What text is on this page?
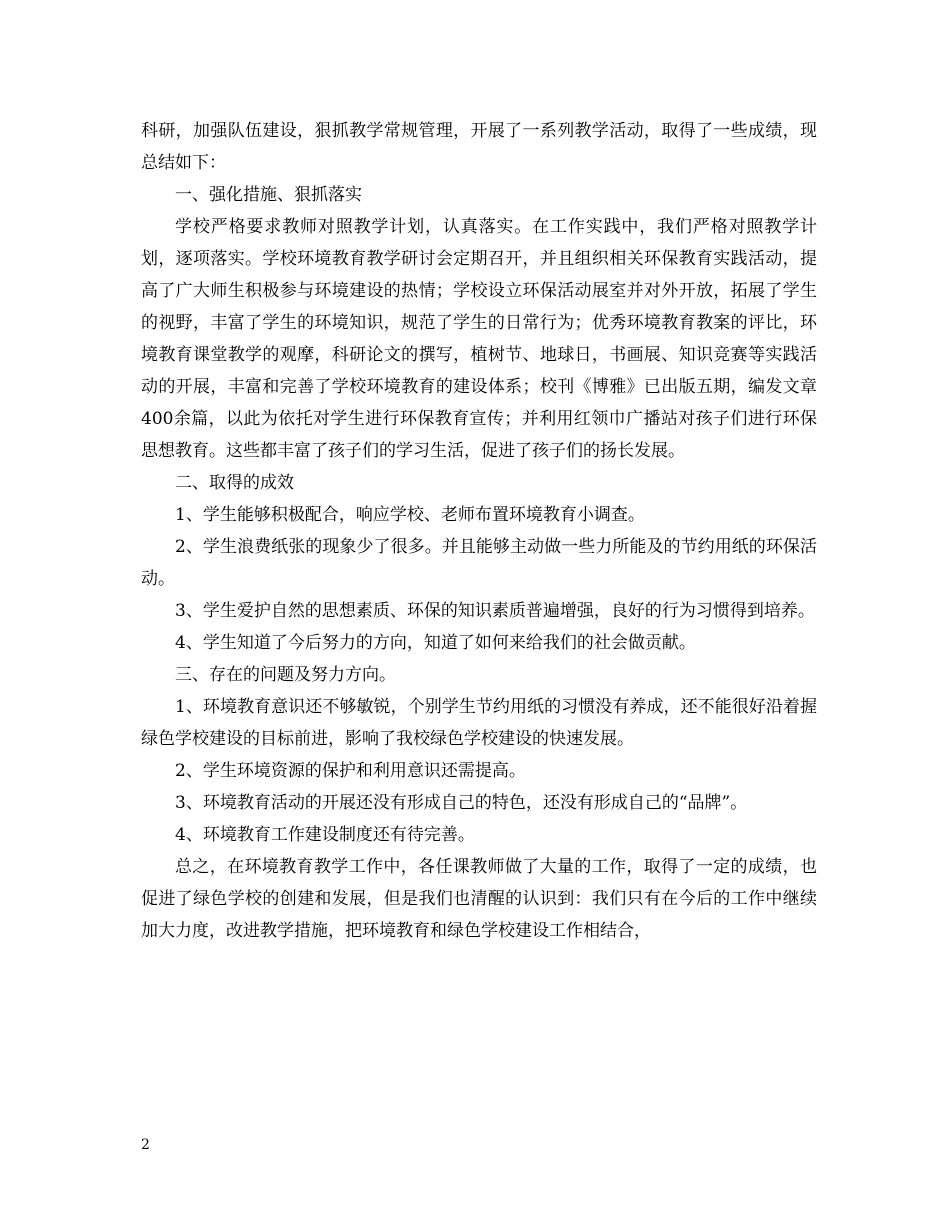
科研，加强队伍建设，狠抓教学常规管理，开展了一系列教学活动，取得了一些成绩，现总结如下：

一、强化措施、狠抓落实

学校严格要求教师对照教学计划，认真落实。在工作实践中，我们严格对照教学计划，逐项落实。学校环境教育教学研讨会定期召开，并且组织相关环保教育实践活动，提高了广大师生积极参与环境建设的热情；学校设立环保活动展室并对外开放，拓展了学生的视野，丰富了学生的环境知识，规范了学生的日常行为；优秀环境教育教案的评比，环境教育课堂教学的观摩，科研论文的撰写，植树节、地球日，书画展、知识竞赛等实践活动的开展，丰富和完善了学校环境教育的建设体系；校刊《博雅》已出版五期，编发文章400余篇，以此为依托对学生进行环保教育宣传；并利用红领巾广播站对孩子们进行环保思想教育。这些都丰富了孩子们的学习生活，促进了孩子们的扬长发展。

二、取得的成效

1、学生能够积极配合，响应学校、老师布置环境教育小调查。

2、学生浪费纸张的现象少了很多。并且能够主动做一些力所能及的节约用纸的环保活动。

3、学生爱护自然的思想素质、环保的知识素质普遍增强，良好的行为习惯得到培养。

4、学生知道了今后努力的方向，知道了如何来给我们的社会做贡献。

三、存在的问题及努力方向。

1、环境教育意识还不够敏锐，个别学生节约用纸的习惯没有养成，还不能很好沿着握绿色学校建设的目标前进，影响了我校绿色学校建设的快速发展。

2、学生环境资源的保护和利用意识还需提高。

3、环境教育活动的开展还没有形成自己的特色，还没有形成自己的“品牌”。

4、环境教育工作建设制度还有待完善。

总之，在环境教育教学工作中，各任课教师做了大量的工作，取得了一定的成绩，也促进了绿色学校的创建和发展，但是我们也清醒的认识到：我们只有在今后的工作中继续加大力度，改进教学措施，把环境教育和绿色学校建设工作相结合，

2
